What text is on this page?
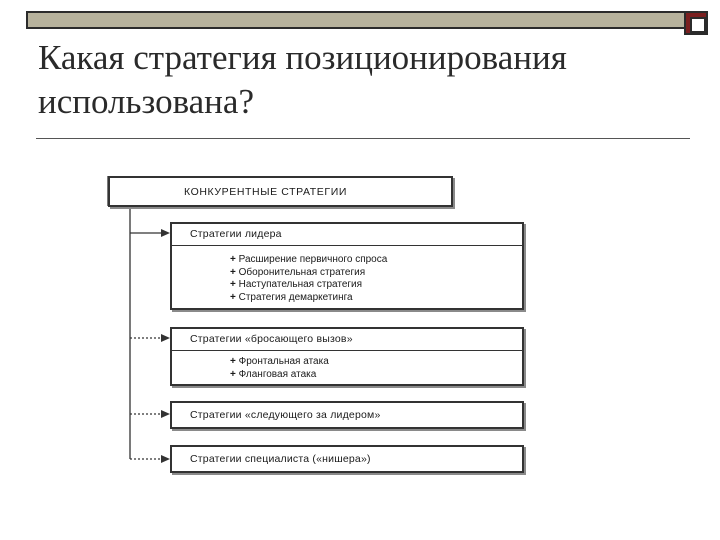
Какая стратегия позиционирования
использована?
КОНКУРЕНТНЫЕ СТРАТЕГИИ
Стратегии лидера
+ Расширение первичного спроса
+ Оборонительная стратегия
+ Наступательная стратегия
+ Стратегия демаркетинга
Стратегии «бросающего вызов»
+ Фронтальная атака
+ Фланговая атака
Стратегии «следующего за лидером»
Стратегии специалиста («нишера»)
